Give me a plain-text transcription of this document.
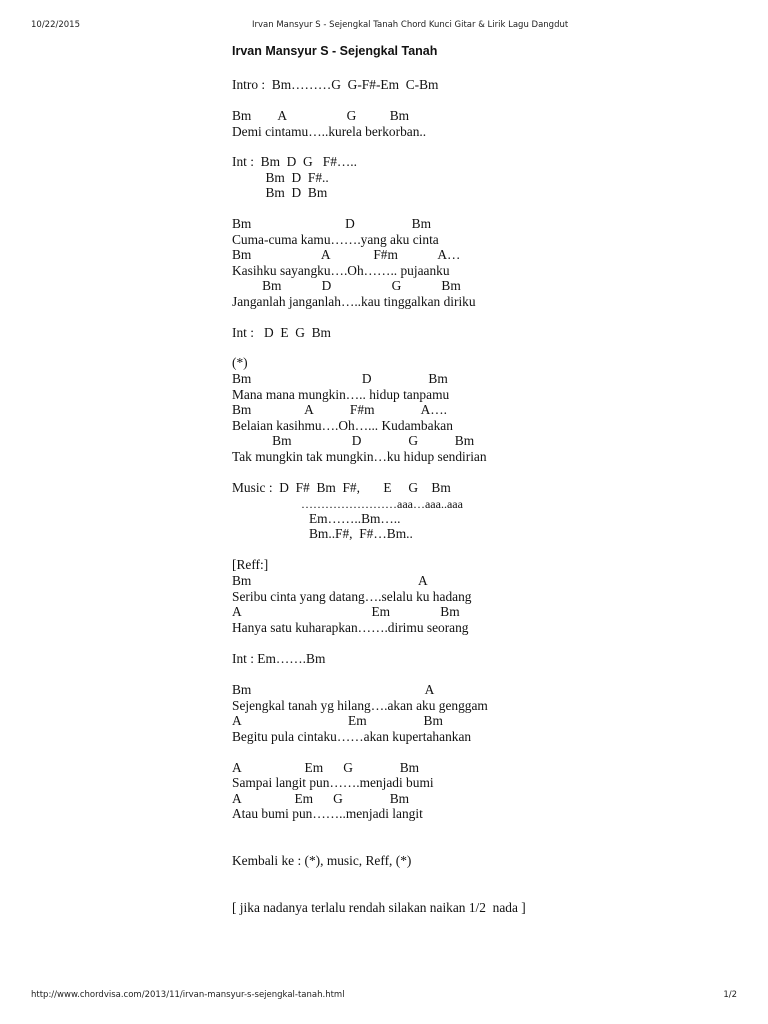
10/22/2015	Irvan Mansyur S - Sejengkal Tanah Chord Kunci Gitar & Lirik Lagu Dangdut
Irvan Mansyur S - Sejengkal Tanah
Intro :  Bm………G  G-F#-Em  C-Bm
Bm        A                  G          Bm
Demi cintamu…..kurela berkorban..
Int :  Bm  D  G   F#…..
Bm  D  F#..
Bm  D  Bm
Bm                            D                 Bm
Cuma-cuma kamu…….yang aku cinta
Bm                     A             F#m            A…
Kasihku sayangku….Oh…….. pujaanku
Bm            D                  G            Bm
Janganlah janganlah…..kau tinggalkan diriku
Int :   D  E  G  Bm
(*)
Bm                                 D                 Bm
Mana mana mungkin….. hidup tanpamu
Bm                A           F#m              A….
Belaian kasihmu….Oh…... Kudambakan
Bm                  D              G           Bm
Tak mungkin tak mungkin…ku hidup sendirian
Music :  D  F#  Bm  F#,       E     G    Bm
……………………aaa…aaa..aaa
Em……..Bm…..
Bm..F#,  F#…Bm..
[Reff:]
Bm                                                  A
Seribu cinta yang datang….selalu ku hadang
A                                       Em               Bm
Hanya satu kuharapkan…….dirimu seorang
Int : Em…….Bm
Bm                                                    A
Sejengkal tanah yg hilang….akan aku genggam
A                                Em                 Bm
Begitu pula cintaku……akan kupertahankan
A                   Em      G              Bm
Sampai langit pun…….menjadi bumi
A                Em      G              Bm
Atau bumi pun……..menjadi langit
Kembali ke : (*), music, Reff, (*)
[ jika nadanya terlalu rendah silakan naikan 1/2  nada ]
http://www.chordvisa.com/2013/11/irvan-mansyur-s-sejengkal-tanah.html	1/2
